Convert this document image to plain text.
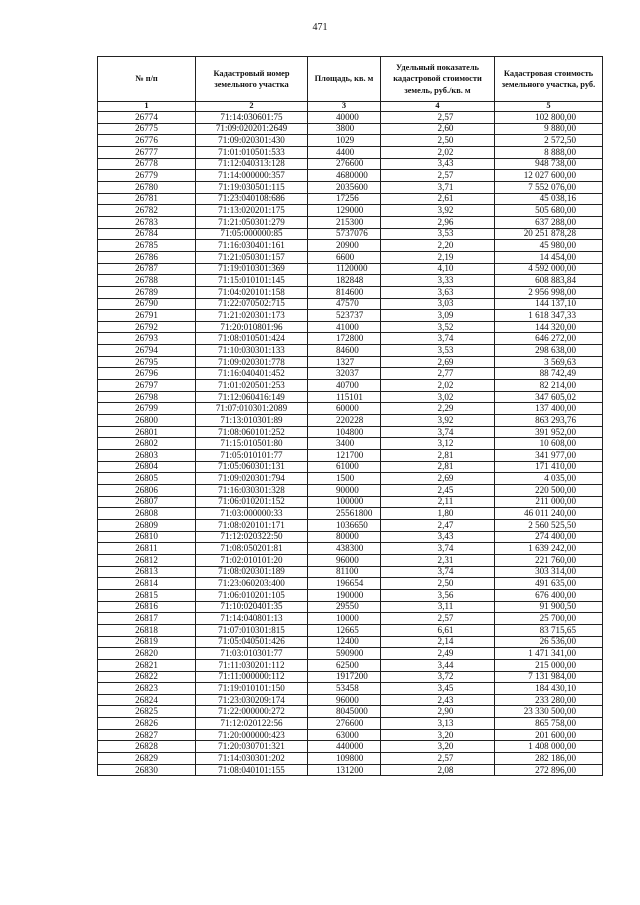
471
№ п/п	Кадастровый номер земельного участка	Площадь, кв. м	Удельный показатель кадастровой стоимости земель, руб./кв. м	Кадастровая стоимость земельного участка, руб.
1	2	3	4	5
26774	71:14:030601:75	40000	2,57	102 800,00
26775	71:09:020201:2649	3800	2,60	9 880,00
26776	71:09:020301:430	1029	2,50	2 572,50
26777	71:01:010501:533	4400	2,02	8 888,00
26778	71:12:040313:128	276600	3,43	948 738,00
26779	71:14:000000:357	4680000	2,57	12 027 600,00
26780	71:19:030501:115	2035600	3,71	7 552 076,00
26781	71:23:040108:686	17256	2,61	45 038,16
26782	71:13:020201:175	129000	3,92	505 680,00
26783	71:21:050301:279	215300	2,96	637 288,00
26784	71:05:000000:85	5737076	3,53	20 251 878,28
26785	71:16:030401:161	20900	2,20	45 980,00
26786	71:21:050301:157	6600	2,19	14 454,00
26787	71:19:010301:369	1120000	4,10	4 592 000,00
26788	71:15:010101:145	182848	3,33	608 883,84
26789	71:04:020101:158	814600	3,63	2 956 998,00
26790	71:22:070502:715	47570	3,03	144 137,10
26791	71:21:020301:173	523737	3,09	1 618 347,33
26792	71:20:010801:96	41000	3,52	144 320,00
26793	71:08:010501:424	172800	3,74	646 272,00
26794	71:10:030301:133	84600	3,53	298 638,00
26795	71:09:020301:778	1327	2,69	3 569,63
26796	71:16:040401:452	32037	2,77	88 742,49
26797	71:01:020501:253	40700	2,02	82 214,00
26798	71:12:060416:149	115101	3,02	347 605,02
26799	71:07:010301:2089	60000	2,29	137 400,00
26800	71:13:010301:89	220228	3,92	863 293,76
26801	71:08:060101:252	104800	3,74	391 952,00
26802	71:15:010501:80	3400	3,12	10 608,00
26803	71:05:010101:77	121700	2,81	341 977,00
26804	71:05:060301:131	61000	2,81	171 410,00
26805	71:09:020301:794	1500	2,69	4 035,00
26806	71:16:030301:328	90000	2,45	220 500,00
26807	71:06:010201:152	100000	2,11	211 000,00
26808	71:03:000000:33	25561800	1,80	46 011 240,00
26809	71:08:020101:171	1036650	2,47	2 560 525,50
26810	71:12:020322:50	80000	3,43	274 400,00
26811	71:08:050201:81	438300	3,74	1 639 242,00
26812	71:02:010101:20	96000	2,31	221 760,00
26813	71:08:020301:189	81100	3,74	303 314,00
26814	71:23:060203:400	196654	2,50	491 635,00
26815	71:06:010201:105	190000	3,56	676 400,00
26816	71:10:020401:35	29550	3,11	91 900,50
26817	71:14:040801:13	10000	2,57	25 700,00
26818	71:07:010301:815	12665	6,61	83 715,65
26819	71:05:040501:426	12400	2,14	26 536,00
26820	71:03:010301:77	590900	2,49	1 471 341,00
26821	71:11:030201:112	62500	3,44	215 000,00
26822	71:11:000000:112	1917200	3,72	7 131 984,00
26823	71:19:010101:150	53458	3,45	184 430,10
26824	71:23:030209:174	96000	2,43	233 280,00
26825	71:22:000000:272	8045000	2,90	23 330 500,00
26826	71:12:020122:56	276600	3,13	865 758,00
26827	71:20:000000:423	63000	3,20	201 600,00
26828	71:20:030701:321	440000	3,20	1 408 000,00
26829	71:14:030301:202	109800	2,57	282 186,00
26830	71:08:040101:155	131200	2,08	272 896,00
